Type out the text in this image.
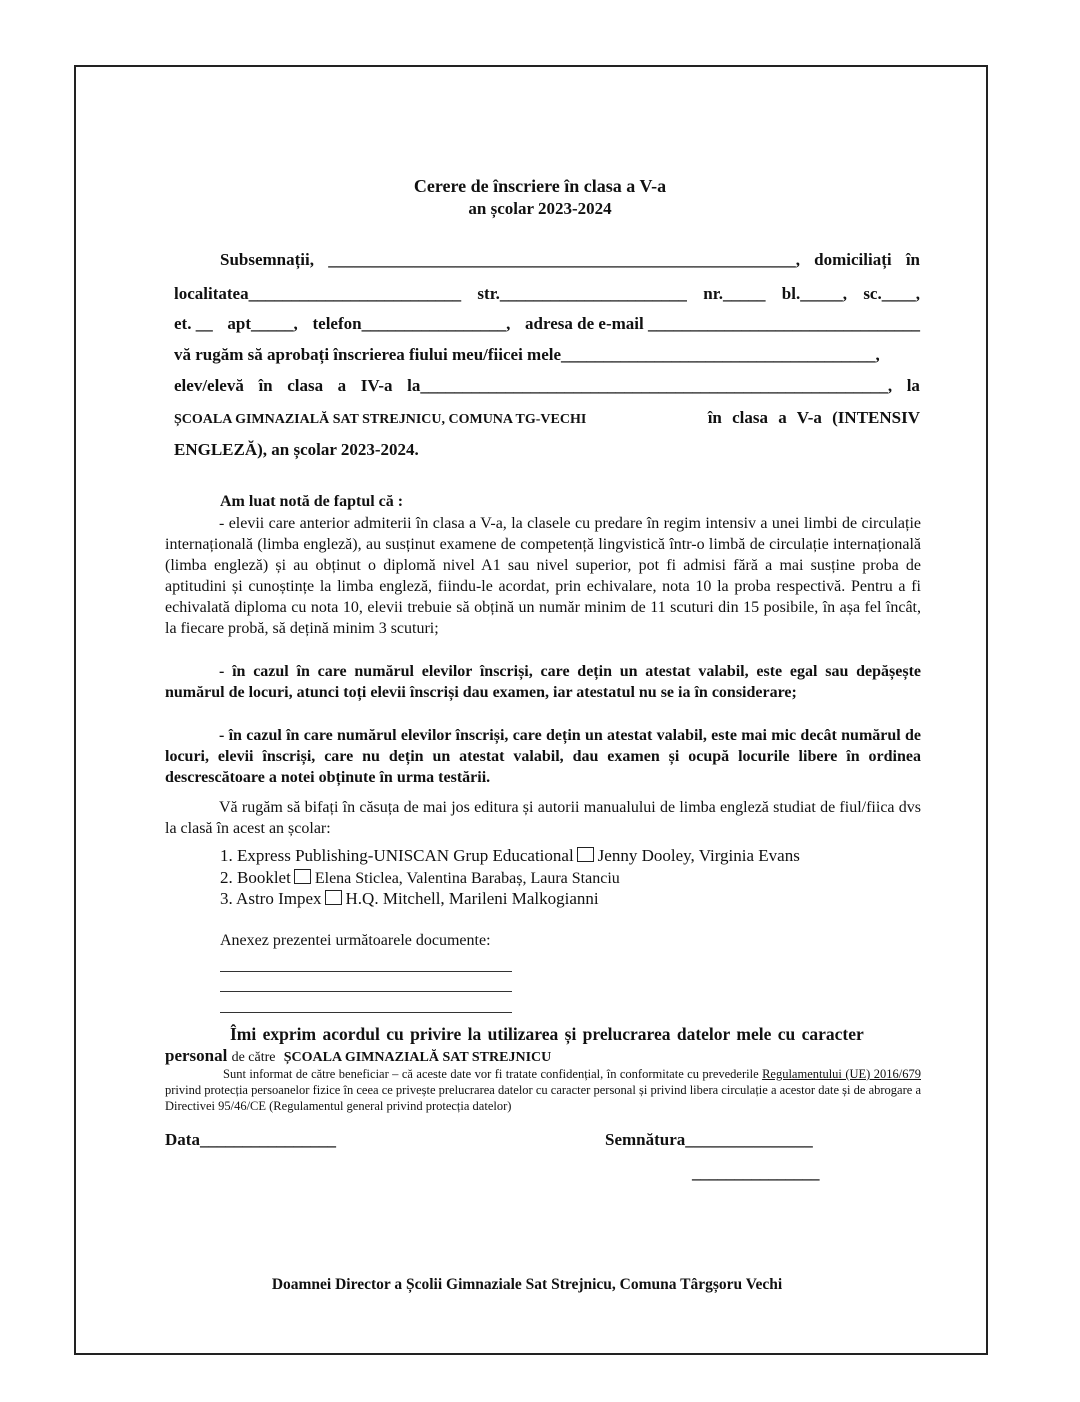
Cerere de înscriere în clasa a V-a
an școlar 2023-2024
Subsemnații, _______________________________________________________, domiciliați în
localitatea_________________________ str.______________________ nr._____ bl._____, sc.____,
et. __ apt_____, telefon_________________, adresa de e-mail ________________________________
vă rugăm să aprobați înscrierea fiului meu/fiicei mele_____________________________________,
elev/elevă în clasa a IV-a la_______________________________________________________, la
ȘCOALA GIMNAZIALĂ SAT STREJNICU, COMUNA TG-VECHI	în clasa a V-a (INTENSIV
ENGLEZĂ), an școlar 2023-2024.
Am luat notă de faptul că :
- elevii care anterior admiterii în clasa a V-a, la clasele cu predare în regim intensiv a unei limbi de circulație internațională (limba engleză), au susținut examene de competență lingvistică într-o limbă de circulație internațională (limba engleză) și au obținut o diplomă nivel A1 sau nivel superior, pot fi admisi fără a mai susține proba de aptitudini și cunoștințe la limba engleză, fiindu-le acordat, prin echivalare, nota 10 la proba respectivă. Pentru a fi echivalată diploma cu nota 10, elevii trebuie să obțină un număr minim de 11 scuturi din 15 posibile, în așa fel încât, la fiecare probă, să dețină minim 3 scuturi;
- în cazul în care numărul elevilor înscriși, care dețin un atestat valabil, este egal sau depășește numărul de locuri, atunci toți elevii înscriși dau examen, iar atestatul nu se ia în considerare;
- în cazul în care numărul elevilor înscriși, care dețin un atestat valabil, este mai mic decât numărul de locuri, elevii înscriși, care nu dețin un atestat valabil, dau examen și ocupă locurile libere în ordinea descrescătoare a notei obținute în urma testării.
Vă rugăm să bifați în căsuța de mai jos editura și autorii manualului de limba engleză studiat de fiul/fiica dvs la clasă în acest an școlar:
1. Express Publishing-UNISCAN Grup Educational Jenny Dooley, Virginia Evans
2. Booklet Elena Sticlea, Valentina Barabaș, Laura Stanciu
3. Astro Impex H.Q. Mitchell, Marileni Malkogianni
Anexez prezentei următoarele documente:
Îmi exprim acordul cu privire la utilizarea și prelucrarea datelor mele cu caracter
personal de către ȘCOALA GIMNAZIALĂ SAT STREJNICU
Sunt informat de către beneficiar – că aceste date vor fi tratate confidențial, în conformitate cu prevederile Regulamentului (UE) 2016/679 privind protecția persoanelor fizice în ceea ce privește prelucrarea datelor cu caracter personal și privind libera circulație a acestor date și de abrogare a Directivei 95/46/CE (Regulamentul general privind protecția datelor)
Data________________	Semnătura_______________
_______________
Doamnei Director a Școlii Gimnaziale Sat Strejnicu, Comuna Târgșoru Vechi
